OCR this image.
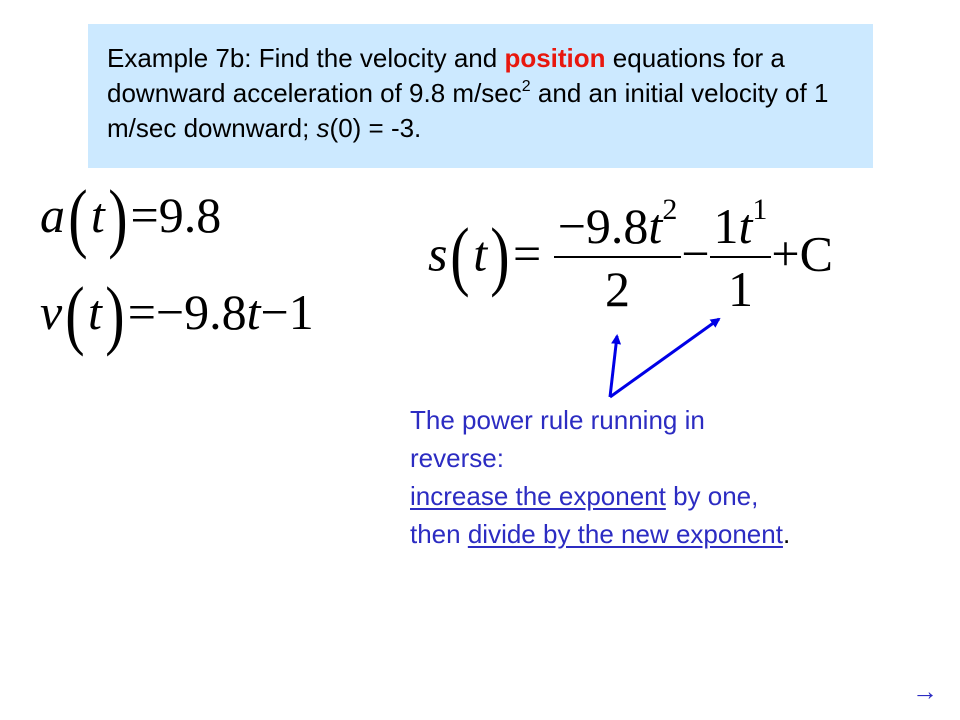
Example 7b: Find the velocity and position equations for a downward acceleration of 9.8 $m/\sec^2$ and an initial velocity of 1 m/sec downward; s(0) = -3.
a(t)=9.8
v(t)=−9.8t−1
$s(t)= \frac{-9.8t^2}{2} - \frac{1t^1}{1} +C$
The power rule running in
reverse:
increase the exponent by one,
then divide by the new exponent.
→
